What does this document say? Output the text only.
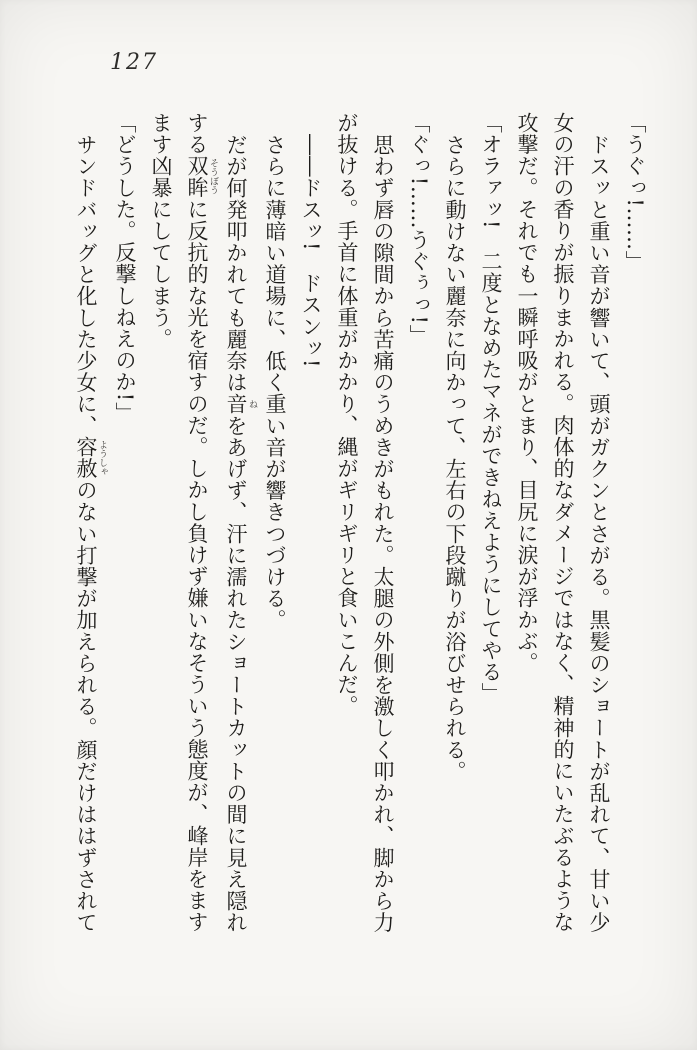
127
「うぐっ!……」
ドスッと重い音が響いて、頭がガクンとさがる。黒髪のショートが乱れて、甘い少
女の汗の香りが振りまかれる。肉体的なダメージではなく、精神的にいたぶるような
攻撃だ。それでも一瞬呼吸がとまり、目尻に涙が浮かぶ。
「オラァッ!　二度となめたマネができねえようにしてやる」
さらに動けない麗奈に向かって、左右の下段蹴りが浴びせられる。
「ぐっ!……うぐぅっ!」
思わず唇の隙間から苦痛のうめきがもれた。太腿の外側を激しく叩かれ、脚から力
が抜ける。手首に体重がかかり、縄がギリギリと食いこんだ。
――ドスッ!　ドスンッ!
さらに薄暗い道場に、低く重い音が響きつづける。
だが何発叩かれても麗奈は音 ねをあげず、汗に濡れたショートカットの間に見え隠れ
する双眸 そうぼうに反抗的な光を宿すのだ。しかし負けず嫌いなそういう態度が、峰岸をます
ます凶暴にしてしまう。
「どうした。反撃しねえのか!」
サンドバッグと化した少女に、容赦 ようしゃのない打撃が加えられる。顔だけははずされて
